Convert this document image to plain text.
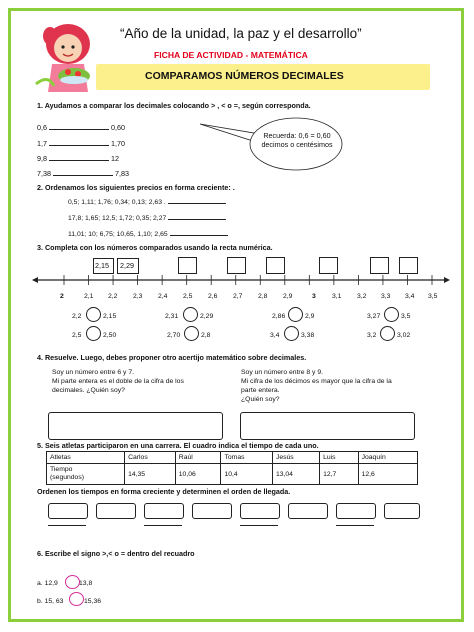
“Año de la unidad, la paz y el desarrollo”
FICHA DE ACTIVIDAD - MATEMÁTICA
COMPARAMOS NÚMEROS DECIMALES
1. Ayudamos a comparar los decimales colocando > , < o =, según corresponda.
0,6	0,60
1,7	1,70
9,8	12
7,38	7,83
Recuerda: 0,6 = 0,60 decimos o centésimos
2. Ordenamos los siguientes precios en forma creciente: .
0,5; 1,11; 1,76; 0,34; 0,13; 2,63 .
17,8; 1,65; 12,5; 1,72; 0,35; 2,27
11,01; 10; 6,75; 10,65, 1,10; 2,65
3. Completa con los números comparados usando la recta numérica.
2,15 2,29
2	2,1 2,2 2,3 2,4 2,5 2,6 2,7 2,8 2,9	3 3,1 3,2 3,3 3,4 3,5
2,2	2,15	2,31	2,29	2,86	2,9	3,27	3,5
2,5	2,50	2,70	2,8	3,4	3,38	3,2	3,02
4. Resuelve. Luego, debes proponer otro acertijo matemático sobre decimales.
Soy un número entre 6 y 7.
Mi parte entera es el doble de la cifra de los
decimales. ¿Quién soy?
Soy un número entre 8 y 9.
Mi cifra de los décimos es mayor que la cifra de la
parte entera.
¿Quién soy?
5. Seis atletas participaron en una carrera. El cuadro indica el tiempo de cada uno.
Atletas	Carlos	Raúl	Tomas	Jesús	Luis	Joaquín

Tiempo
(segundos)	14,35	10,06	10,4	13,04	12,7	12,6
Ordenen los tiempos en forma creciente y determinen el orden de llegada.
6. Escribe el signo >,< o = dentro del recuadro
a. 12,9	13,8
b. 15, 63	15,36
